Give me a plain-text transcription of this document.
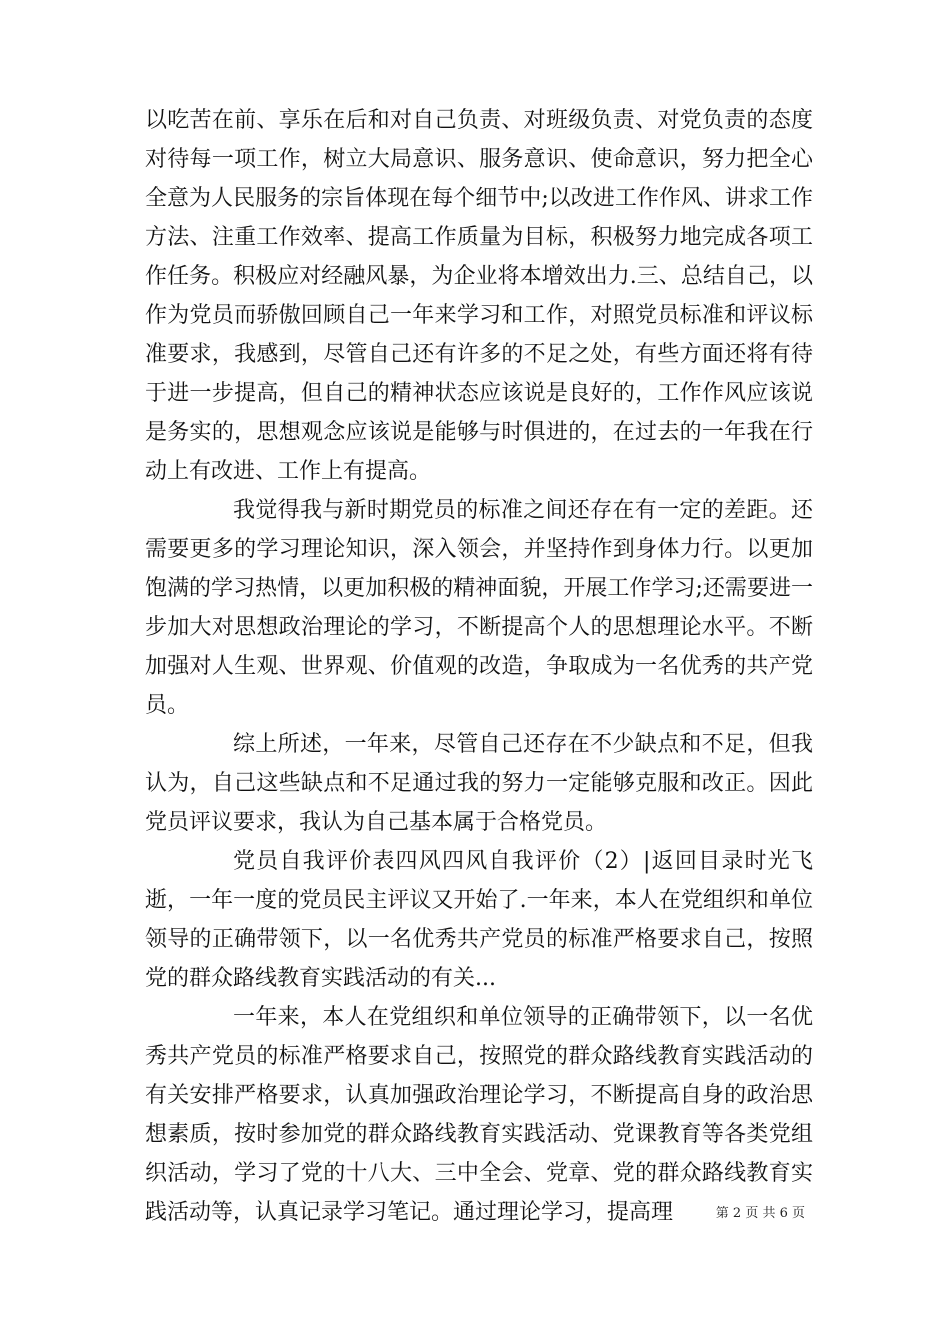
以吃苦在前、享乐在后和对自己负责、对班级负责、对党负责的态度对待每一项工作，树立大局意识、服务意识、使命意识，努力把全心全意为人民服务的宗旨体现在每个细节中;以改进工作作风、讲求工作方法、注重工作效率、提高工作质量为目标，积极努力地完成各项工作任务。积极应对经融风暴，为企业将本增效出力.三、总结自己，以作为党员而骄傲回顾自己一年来学习和工作，对照党员标准和评议标准要求，我感到，尽管自己还有许多的不足之处，有些方面还将有待于进一步提高，但自己的精神状态应该说是良好的，工作作风应该说是务实的，思想观念应该说是能够与时俱进的，在过去的一年我在行动上有改进、工作上有提高。

我觉得我与新时期党员的标准之间还存在有一定的差距。还需要更多的学习理论知识，深入领会，并坚持作到身体力行。以更加饱满的学习热情，以更加积极的精神面貌，开展工作学习;还需要进一步加大对思想政治理论的学习，不断提高个人的思想理论水平。不断加强对人生观、世界观、价值观的改造，争取成为一名优秀的共产党员。

综上所述，一年来，尽管自己还存在不少缺点和不足，但我认为，自己这些缺点和不足通过我的努力一定能够克服和改正。因此党员评议要求，我认为自己基本属于合格党员。

党员自我评价表四风四风自我评价（2）|返回目录时光飞逝，一年一度的党员民主评议又开始了.一年来，本人在党组织和单位领导的正确带领下，以一名优秀共产党员的标准严格要求自己，按照党的群众路线教育实践活动的有关...

一年来，本人在党组织和单位领导的正确带领下，以一名优秀共产党员的标准严格要求自己，按照党的群众路线教育实践活动的有关安排严格要求，认真加强政治理论学习，不断提高自身的政治思想素质，按时参加党的群众路线教育实践活动、党课教育等各类党组织活动，学习了党的十八大、三中全会、党章、党的群众路线教育实践活动等，认真记录学习笔记。通过理论学习，提高理	第 2 页 共 6 页
